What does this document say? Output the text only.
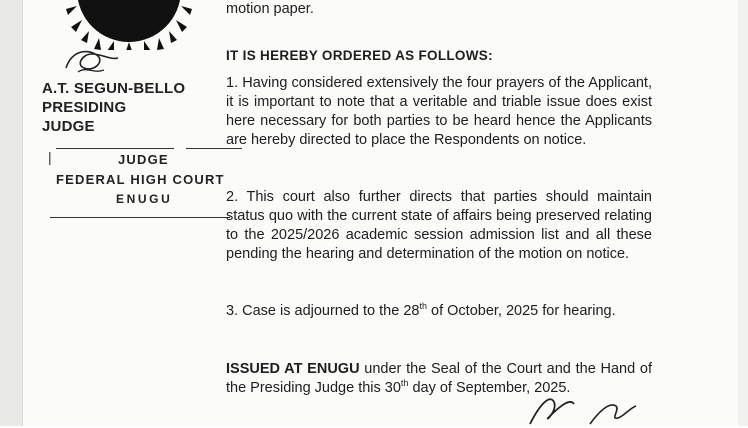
A.T. SEGUN-BELLO
PRESIDING
JUDGE
|	JUDGE
FEDERAL HIGH COURT
ENUGU
motion paper.
IT IS HEREBY ORDERED AS FOLLOWS:
1. Having considered extensively the four prayers of the Applicant, it is important to note that a veritable and triable issue does exist here necessary for both parties to be heard hence the Applicants are hereby directed to place the Respondents on notice.
2. This court also further directs that parties should maintain status quo with the current state of affairs being preserved relating to the 2025/2026 academic session admission list and all these pending the hearing and determination of the motion on notice.
3. Case is adjourned to the 28th of October, 2025 for hearing.
ISSUED AT ENUGU under the Seal of the Court and the Hand of the Presiding Judge this 30th day of September, 2025.
